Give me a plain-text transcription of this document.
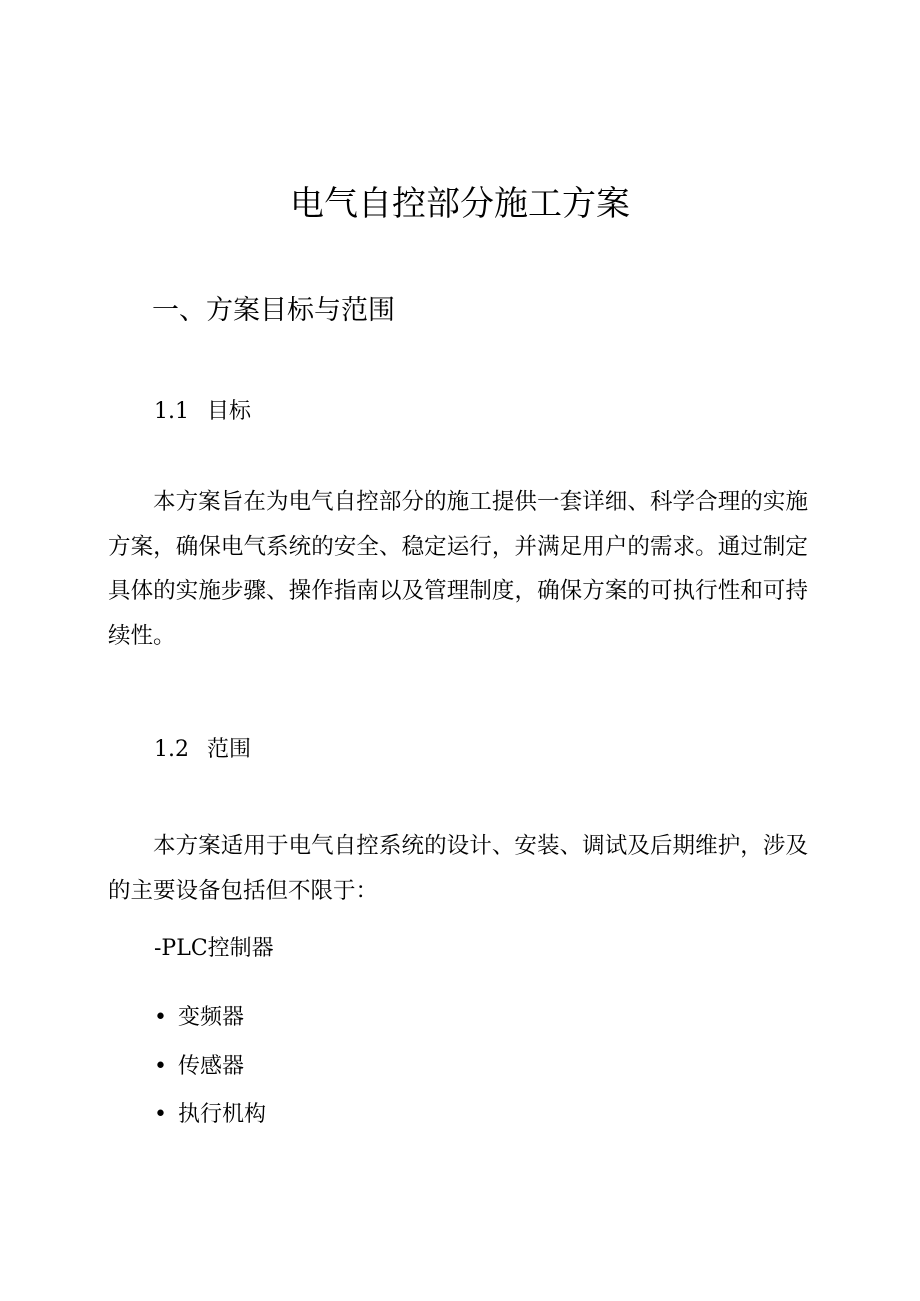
电气自控部分施工方案
一、方案目标与范围
1.1 目标
本方案旨在为电气自控部分的施工提供一套详细、科学合理的实施方案，确保电气系统的安全、稳定运行，并满足用户的需求。通过制定具体的实施步骤、操作指南以及管理制度，确保方案的可执行性和可持续性。
1.2 范围
本方案适用于电气自控系统的设计、安装、调试及后期维护，涉及的主要设备包括但不限于：
-PLC控制器
• 变频器
• 传感器
• 执行机构
